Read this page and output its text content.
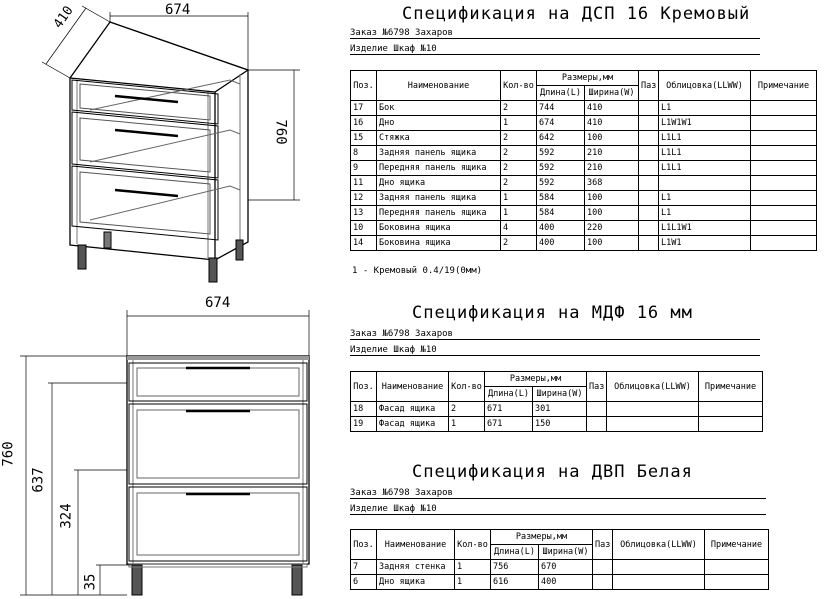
674
410
760
674
760
637
324
35
Спецификация на ДСП 16 Кремовый
Заказ №6798 Захаров
Изделие Шкаф №10
Поз.	Наименование	Кол-во	Размеры,мм		Паз	Облицовка(LLWW)	Примечание
			Длина(L)	Ширина(W)			
17	Бок	2	744	410		L1	
16	Дно	1	674	410		L1W1W1	
15	Стяжка	2	642	100		L1L1	
8	Задняя панель ящика	2	592	210		L1L1	
9	Передняя панель ящика	2	592	210		L1L1	
11	Дно ящика	2	592	368			
12	Задняя панель ящика	1	584	100		L1	
13	Передняя панель ящика	1	584	100		L1	
10	Боковина ящика	4	400	220		L1L1W1	
14	Боковина ящика	2	400	100		L1W1	
1 - Кремовый 0.4/19(0мм)
Спецификация на МДФ 16 мм
Заказ №6798 Захаров
Изделие Шкаф №10
Поз.	Наименование	Кол-во	Размеры,мм		Паз	Облицовка(LLWW)	Примечание
			Длина(L)	Ширина(W)			
18	Фасад ящика	2	671	301			
19	Фасад ящика	1	671	150			
Спецификация на ДВП Белая
Заказ №6798 Захаров
Изделие Шкаф №10
Поз.	Наименование	Кол-во	Размеры,мм		Паз	Облицовка(LLWW)	Примечание
			Длина(L)	Ширина(W)			
7	Задняя стенка	1	756	670			
6	Дно ящика	1	616	400			
